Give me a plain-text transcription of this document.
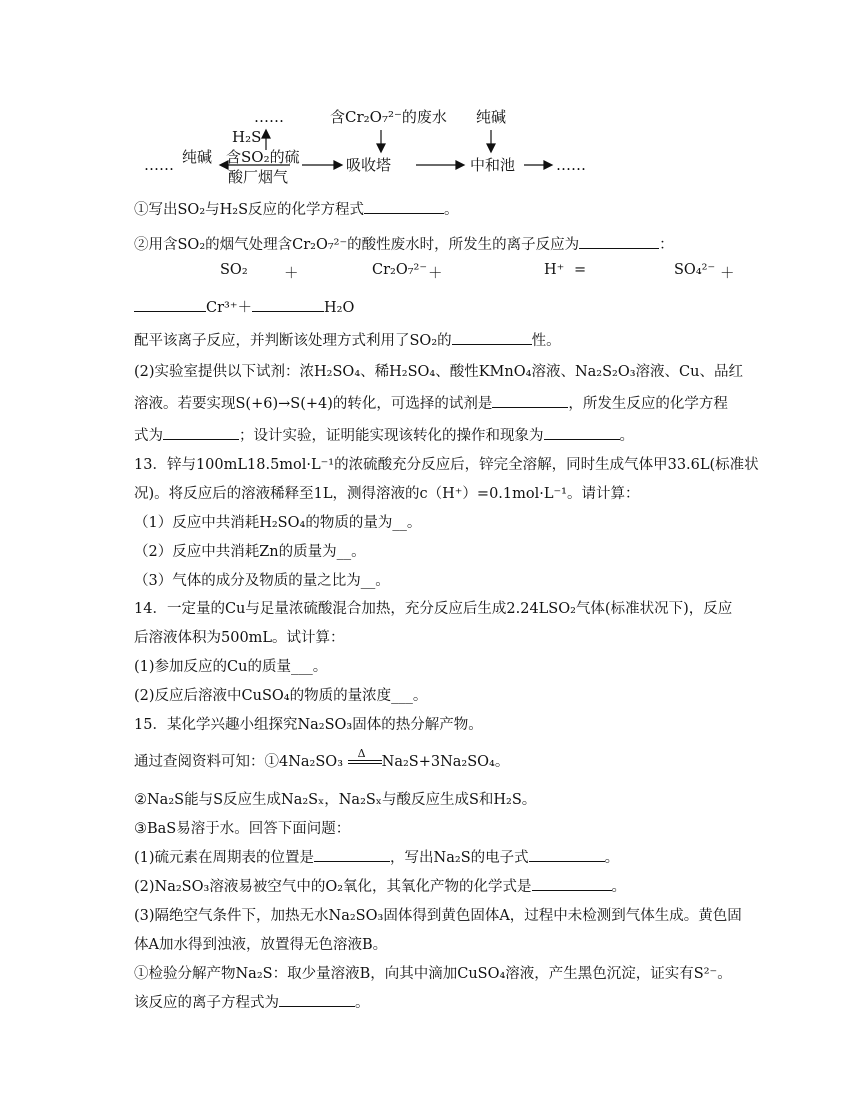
……
H₂S
含Cr₂O₇²⁻的废水 纯碱
…… 纯碱 含SO₂的硫
酸厂烟气
吸收塔	中和池	……
①写出SO₂与H₂S反应的化学方程式	。
②用含SO₂的烟气处理含Cr₂O₇²⁻的酸性废水时，所发生的离子反应为	：
SO₂	＋	Cr₂O₇²⁻ ＋	H⁺ =	SO₄²⁻ ＋
Cr³⁺＋	H₂O
配平该离子反应，并判断该处理方式利用了SO₂的	性。
(2)实验室提供以下试剂：浓H₂SO₄、稀H₂SO₄、酸性KMnO₄溶液、Na₂S₂O₃溶液、Cu、品红
溶液。若要实现S(+6)→S(+4)的转化，可选择的试剂是	，所发生反应的化学方程
式为	；设计实验，证明能实现该转化的操作和现象为	。
13．锌与100mL18.5mol·L⁻¹的浓硫酸充分反应后，锌完全溶解，同时生成气体甲33.6L(标准状
况)。将反应后的溶液稀释至1L，测得溶液的c（H⁺）=0.1mol·L⁻¹。请计算：
（1）反应中共消耗H₂SO₄的物质的量为__。
（2）反应中共消耗Zn的质量为__。
（3）气体的成分及物质的量之比为__。
14．一定量的Cu与足量浓硫酸混合加热，充分反应后生成2.24LSO₂气体(标准状况下)，反应
后溶液体积为500mL。试计算：
(1)参加反应的Cu的质量___。
(2)反应后溶液中CuSO₄的物质的量浓度___。
15．某化学兴趣小组探究Na₂SO₃固体的热分解产物。
通过查阅资料可知：①4Na₂SO₃
Δ
Na₂S+3Na₂SO₄。
②Na₂S能与S反应生成Na₂Sₓ，Na₂Sₓ与酸反应生成S和H₂S。
③BaS易溶于水。回答下面问题：
(1)硫元素在周期表的位置是	，写出Na₂S的电子式	。
(2)Na₂SO₃溶液易被空气中的O₂氧化，其氧化产物的化学式是	。
(3)隔绝空气条件下，加热无水Na₂SO₃固体得到黄色固体A，过程中未检测到气体生成。黄色固
体A加水得到浊液，放置得无色溶液B。
①检验分解产物Na₂S：取少量溶液B，向其中滴加CuSO₄溶液，产生黑色沉淀，证实有S²⁻。
该反应的离子方程式为	。
